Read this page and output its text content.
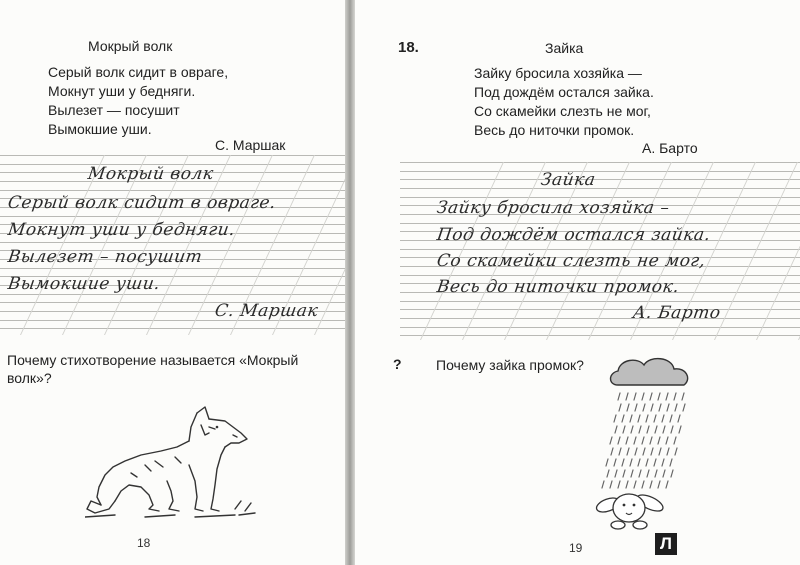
Мокрый волк
Серый волк сидит в овраге,
Мокнут уши у бедняги.
Вылезет — посушит
Вымокшие уши.
С. Маршак
Мокрый волк
Серый волк сидит в овраге.
Мокнут уши у бедняги.
Вылезет – посушит
Вымокшие уши.
С. Маршак
Почему стихотворение называется «Мокрый
волк»?
18
18.	Зайка
Зайку бросила хозяйка —
Под дождём остался зайка.
Со скамейки слезть не мог,
Весь до ниточки промок.
А. Барто
Зайка
Зайку бросила хозяйка –
Под дождём остался зайка.
Со скамейки слезть не мог,
Весь до ниточки промок.
А. Барто
? Почему зайка промок?
19	Л
